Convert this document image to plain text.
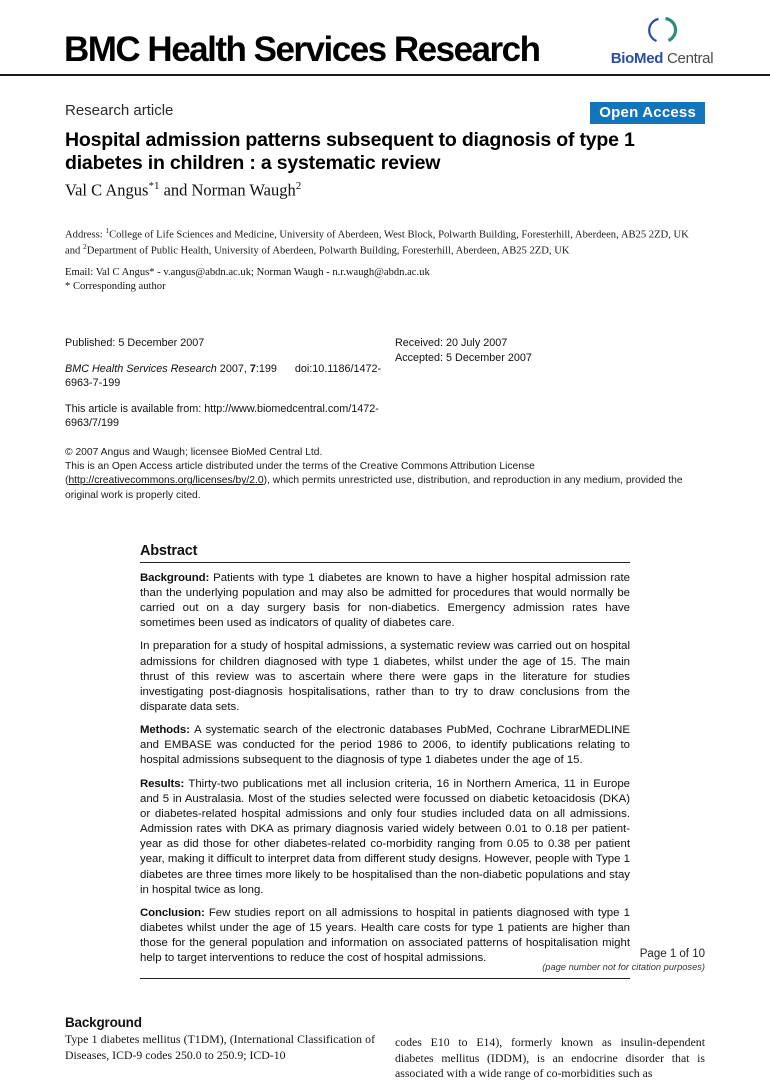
BMC Health Services Research	BioMed Central
Research article	Open Access
Hospital admission patterns subsequent to diagnosis of type 1 diabetes in children : a systematic review
Val C Angus$^{*1}$ and Norman Waugh$^2$
Address: $^1$College of Life Sciences and Medicine, University of Aberdeen, West Block, Polwarth Building, Foresterhill, Aberdeen, AB25 2ZD, UK and $^2$Department of Public Health, University of Aberdeen, Polwarth Building, Foresterhill, Aberdeen, AB25 2ZD, UK
Email: Val C Angus* - v.angus@abdn.ac.uk; Norman Waugh - n.r.waugh@abdn.ac.uk
* Corresponding author
Published: 5 December 2007
BMC Health Services Research 2007, 7:199 doi:10.1186/1472-6963-7-199
This article is available from: http://www.biomedcentral.com/1472-6963/7/199
Received: 20 July 2007
Accepted: 5 December 2007
© 2007 Angus and Waugh; licensee BioMed Central Ltd.
This is an Open Access article distributed under the terms of the Creative Commons Attribution License (http://creativecommons.org/licenses/by/2.0), which permits unrestricted use, distribution, and reproduction in any medium, provided the original work is properly cited.
Abstract

Background: Patients with type 1 diabetes are known to have a higher hospital admission rate than the underlying population and may also be admitted for procedures that would normally be carried out on a day surgery basis for non-diabetics. Emergency admission rates have sometimes been used as indicators of quality of diabetes care.

In preparation for a study of hospital admissions, a systematic review was carried out on hospital admissions for children diagnosed with type 1 diabetes, whilst under the age of 15. The main thrust of this review was to ascertain where there were gaps in the literature for studies investigating post-diagnosis hospitalisations, rather than to try to draw conclusions from the disparate data sets.

Methods: A systematic search of the electronic databases PubMed, Cochrane LibrarMEDLINE and EMBASE was conducted for the period 1986 to 2006, to identify publications relating to hospital admissions subsequent to the diagnosis of type 1 diabetes under the age of 15.

Results: Thirty-two publications met all inclusion criteria, 16 in Northern America, 11 in Europe and 5 in Australasia. Most of the studies selected were focussed on diabetic ketoacidosis (DKA) or diabetes-related hospital admissions and only four studies included data on all admissions. Admission rates with DKA as primary diagnosis varied widely between 0.01 to 0.18 per patient-year as did those for other diabetes-related co-morbidity ranging from 0.05 to 0.38 per patient year, making it difficult to interpret data from different study designs. However, people with Type 1 diabetes are three times more likely to be hospitalised than the non-diabetic populations and stay in hospital twice as long.

Conclusion: Few studies report on all admissions to hospital in patients diagnosed with type 1 diabetes whilst under the age of 15 years. Health care costs for type 1 patients are higher than those for the general population and information on associated patterns of hospitalisation might help to target interventions to reduce the cost of hospital admissions.

Background
Type 1 diabetes mellitus (T1DM), (International Classification of Diseases, ICD-9 codes 250.0 to 250.9; ICD-10
codes E10 to E14), formerly known as insulin-dependent diabetes mellitus (IDDM), is an endocrine disorder that is associated with a wide range of co-morbidities such as
Page 1 of 10
(page number not for citation purposes)
